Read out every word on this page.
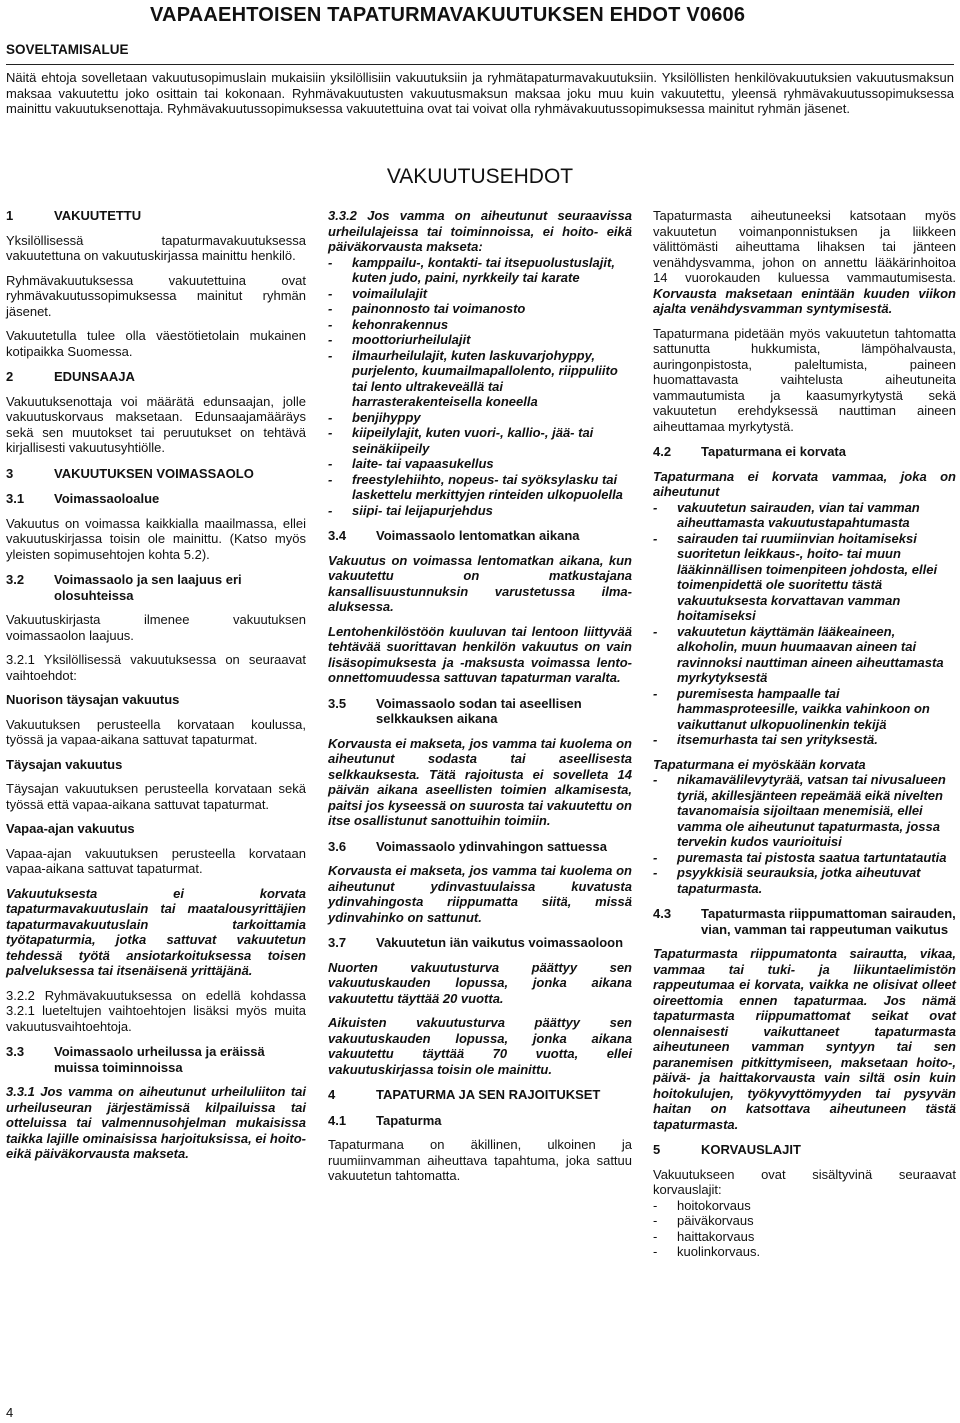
VAPAAEHTOISEN TAPATURMAVAKUUTUKSEN EHDOT V0606
SOVELTAMISALUE
Näitä ehtoja sovelletaan vakuutusopimuslain mukaisiin yksilöllisiin vakuutuksiin ja ryhmätapaturmavakuutuksiin. Yksilöllisten henkilövakuutuksien vakuutusmaksun maksaa vakuutettu joko osittain tai kokonaan. Ryhmävakuutusten vakuutusmaksun maksaa joku muu kuin vakuutettu, yleensä ryhmävakuutussopimuksessa mainittu vakuutuksenottaja. Ryhmävakuutussopimuksessa vakuutettuina ovat tai voivat olla ryhmävakuutussopimuksessa mainitut ryhmän jäsenet.
VAKUUTUSEHDOT
1	VAKUUTETTU

Yksilöllisessä tapaturmavakuutuksessa vakuutettuna on vakuutuskirjassa mainittu henkilö.

Ryhmävakuutuksessa vakuutettuina ovat ryhmävakuutussopimuksessa mainitut ryhmän jäsenet.

Vakuutetulla tulee olla väestötietolain mukainen kotipaikka Suomessa.

2	EDUNSAAJA

Vakuutuksenottaja voi määrätä edunsaajan, jolle vakuutuskorvaus maksetaan. Edunsaajamääräys sekä sen muutokset tai peruutukset on tehtävä kirjallisesti vakuutusyhtiölle.

3	VAKUUTUKSEN VOIMASSAOLO
3.1	Voimassaoloalue

Vakuutus on voimassa kaikkialla maailmassa, ellei vakuutuskirjassa toisin ole mainittu. (Katso myös yleisten sopimusehtojen kohta 5.2).

3.2	Voimassaolo ja sen laajuus eri olosuhteissa

Vakuutuskirjasta ilmenee vakuutuksen voimassaolon laajuus.

3.2.1 Yksilöllisessä vakuutuksessa on seuraavat vaihtoehdot:

Nuorison täysajan vakuutus

Vakuutuksen perusteella korvataan koulussa, työssä ja vapaa-aikana sattuvat tapaturmat.

Täysajan vakuutus

Täysajan vakuutuksen perusteella korvataan sekä työssä että vapaa-aikana sattuvat tapaturmat.

Vapaa-ajan vakuutus

Vapaa-ajan vakuutuksen perusteella korvataan vapaa-aikana sattuvat tapaturmat.

Vakuutuksesta ei korvata tapaturmavakuutuslain tai maatalousyrittäjien tapaturmavakuutuslain tarkoittamia työtapaturmia, jotka sattuvat vakuutetun tehdessä työtä ansiotarkoituksessa toisen palveluksessa tai itsenäisenä yrittäjänä.

3.2.2 Ryhmävakuutuksessa on edellä kohdassa 3.2.1 lueteltujen vaihtoehtojen lisäksi myös muita vakuutusvaihtoehtoja.

3.3	Voimassaolo urheilussa ja eräissä muissa toiminnoissa

3.3.1 Jos vamma on aiheutunut urheiluliiton tai urheiluseuran järjestämissä kilpailuissa tai otteluissa tai valmennusohjelman mukaisissa taikka lajille ominaisissa harjoituksissa, ei hoito- eikä päiväkorvausta makseta.

3.3.2 Jos vamma on aiheutunut seuraavissa urheilulajeissa tai toiminnoissa, ei hoito- eikä päiväkorvausta makseta:

-	kamppailu-, kontakti- tai itsepuolustuslajit, kuten judo, paini, nyrkkeily tai karate
-	voimailulajit
-	painonnosto tai voimanosto
-	kehonrakennus
-	moottoriurheilulajit
-	ilmaurheilulajit, kuten laskuvarjohyppy, purjelento, kuumailmapallolento, riippuliito tai lento ultrakeveällä tai harrasterakenteisella koneella
-	benjihyppy
-	kiipeilylajit, kuten vuori-, kallio-, jää- tai seinäkiipeily
-	laite- tai vapaasukellus
-	freestylehiihto, nopeus- tai syöksylasku tai laskettelu merkittyjen rinteiden ulkopuolella
-	siipi- tai leijapurjehdus
3.4	Voimassaolo lentomatkan aikana

Vakuutus on voimassa lentomatkan aikana, kun vakuutettu on matkustajana kansallisuustunnuksin varustetussa ilma-aluksessa.

Lentohenkilöstöön kuuluvan tai lentoon liittyvää tehtävää suorittavan henkilön vakuutus on vain lisäsopimuksesta ja -maksusta voimassa lento-onnettomuudessa sattuvan tapaturman varalta.

3.5	Voimassaolo sodan tai aseellisen selkkauksen aikana

Korvausta ei makseta, jos vamma tai kuolema on aiheutunut sodasta tai aseellisesta selkkauksesta. Tätä rajoitusta ei sovelleta 14 päivän aikana aseellisten toimien alkamisesta, paitsi jos kyseessä on suurosta tai vakuutettu on itse osallistunut sanottuihin toimiin.

3.6	Voimassaolo ydinvahingon sattuessa

Korvausta ei makseta, jos vamma tai kuolema on aiheutunut ydinvastuulaissa kuvatusta ydinvahingosta riippumatta siitä, missä ydinvahinko on sattunut.

3.7	Vakuutetun iän vaikutus voimassaoloon

Nuorten vakuutusturva päättyy sen vakuutuskauden lopussa, jonka aikana vakuutettu täyttää 20 vuotta.

Aikuisten vakuutusturva päättyy sen vakuutuskauden lopussa, jonka aikana vakuutettu täyttää 70 vuotta, ellei vakuutuskirjassa toisin ole mainittu.

4	TAPATURMA JA SEN RAJOITUKSET
4.1	Tapaturma

Tapaturmana on äkillinen, ulkoinen ja ruumiinvamman aiheuttava tapahtuma, joka sattuu vakuutetun tahtomatta.

Tapaturmasta aiheutuneeksi katsotaan myös vakuutetun voimanponnistuksen ja liikkeen välittömästi aiheuttama lihaksen tai jänteen venähdysvamma, johon on annettu lääkärinhoitoa 14 vuorokauden kuluessa vammautumisesta. Korvausta maksetaan enintään kuuden viikon ajalta venähdysvamman syntymisestä.

Tapaturmana pidetään myös vakuutetun tahtomatta sattunutta hukkumista, lämpöhalvausta, auringonpistosta, paleltumista, paineen huomattavasta vaihtelusta aiheutuneita vammautumista ja kaasumyrkytystä sekä vakuutetun erehdyksessä nauttiman aineen aiheuttamaa myrkytystä.

4.2	Tapaturmana ei korvata

Tapaturmana ei korvata vammaa, joka on aiheutunut

-	vakuutetun sairauden, vian tai vamman aiheuttamasta vakuutustapahtumasta
-	sairauden tai ruumiinvian hoitamiseksi suoritetun leikkaus-, hoito- tai muun lääkinnällisen toimenpiteen johdosta, ellei toimenpidettä ole suoritettu tästä vakuutuksesta korvattavan vamman hoitamiseksi
-	vakuutetun käyttämän lääkeaineen, alkoholin, muun huumaavan aineen tai ravinnoksi nauttiman aineen aiheuttamasta myrkytyksestä
-	puremisesta hampaalle tai hammasproteesille, vaikka vahinkoon on vaikuttanut ulkopuolinenkin tekijä
-	itsemurhasta tai sen yrityksestä.

Tapaturmana ei myöskään korvata

-	nikamavälilevytyrää, vatsan tai nivusaluеen tyriä, akillesjänteen repeämää eikä nivelten tavanomaisia sijoiltaan menemisiä, ellei vamma ole aiheutunut tapaturmasta, jossa tervekin kudos vaurioituisi
-	puremasta tai pistosta saatua tartuntatautia
-	psyykkisiä seurauksia, jotka aiheutuvat tapaturmasta.
4.3	Tapaturmasta riippumattoman sairauden, vian, vamman tai rappeutuman vaikutus

Tapaturmasta riippumatonta sairautta, vikaa, vammaa tai tuki- ja liikuntaelimistön rappeutumaa ei korvata, vaikka ne olisivat olleet oireettomia ennen tapaturmaa. Jos nämä tapaturmasta riippumattomat seikat ovat olennaisesti vaikuttaneet tapaturmasta aiheutuneen vamman syntyyn tai sen paranemisen pitkittymiseen, maksetaan hoito-, päivä- ja haittakorvausta vain siltä osin kuin hoitokulujen, työkyvyttömyyden tai pysyvän haitan on katsottava aiheutuneen tästä tapaturmasta.

5	KORVAUSLAJIT

Vakuutukseen ovat sisältyvinä seuraavat korvauslajit:

-	hoitokorvaus
-	päiväkorvaus
-	haittakorvaus
-	kuolinkorvaus.
4
